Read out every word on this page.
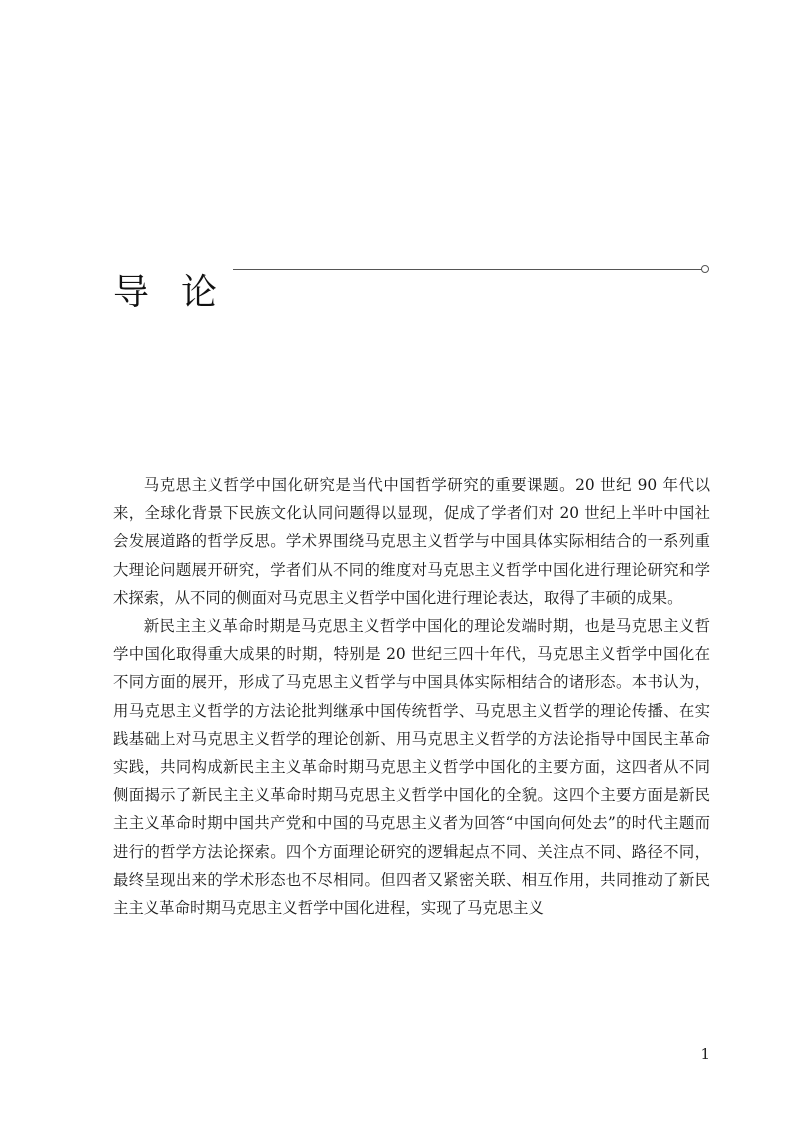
导论

马克思主义哲学中国化研究是当代中国哲学研究的重要课题。20 世纪 90 年代以来，全球化背景下民族文化认同问题得以显现，促成了学者们对 20 世纪上半叶中国社会发展道路的哲学反思。学术界围绕马克思主义哲学与中国具体实际相结合的一系列重大理论问题展开研究，学者们从不同的维度对马克思主义哲学中国化进行理论研究和学术探索，从不同的侧面对马克思主义哲学中国化进行理论表达，取得了丰硕的成果。

新民主主义革命时期是马克思主义哲学中国化的理论发端时期，也是马克思主义哲学中国化取得重大成果的时期，特别是 20 世纪三四十年代，马克思主义哲学中国化在不同方面的展开，形成了马克思主义哲学与中国具体实际相结合的诸形态。本书认为，用马克思主义哲学的方法论批判继承中国传统哲学、马克思主义哲学的理论传播、在实践基础上对马克思主义哲学的理论创新、用马克思主义哲学的方法论指导中国民主革命实践，共同构成新民主主义革命时期马克思主义哲学中国化的主要方面，这四者从不同侧面揭示了新民主主义革命时期马克思主义哲学中国化的全貌。这四个主要方面是新民主主义革命时期中国共产党和中国的马克思主义者为回答“中国向何处去”的时代主题而进行的哲学方法论探索。四个方面理论研究的逻辑起点不同、关注点不同、路径不同，最终呈现出来的学术形态也不尽相同。但四者又紧密关联、相互作用，共同推动了新民主主义革命时期马克思主义哲学中国化进程，实现了马克思主义

1
